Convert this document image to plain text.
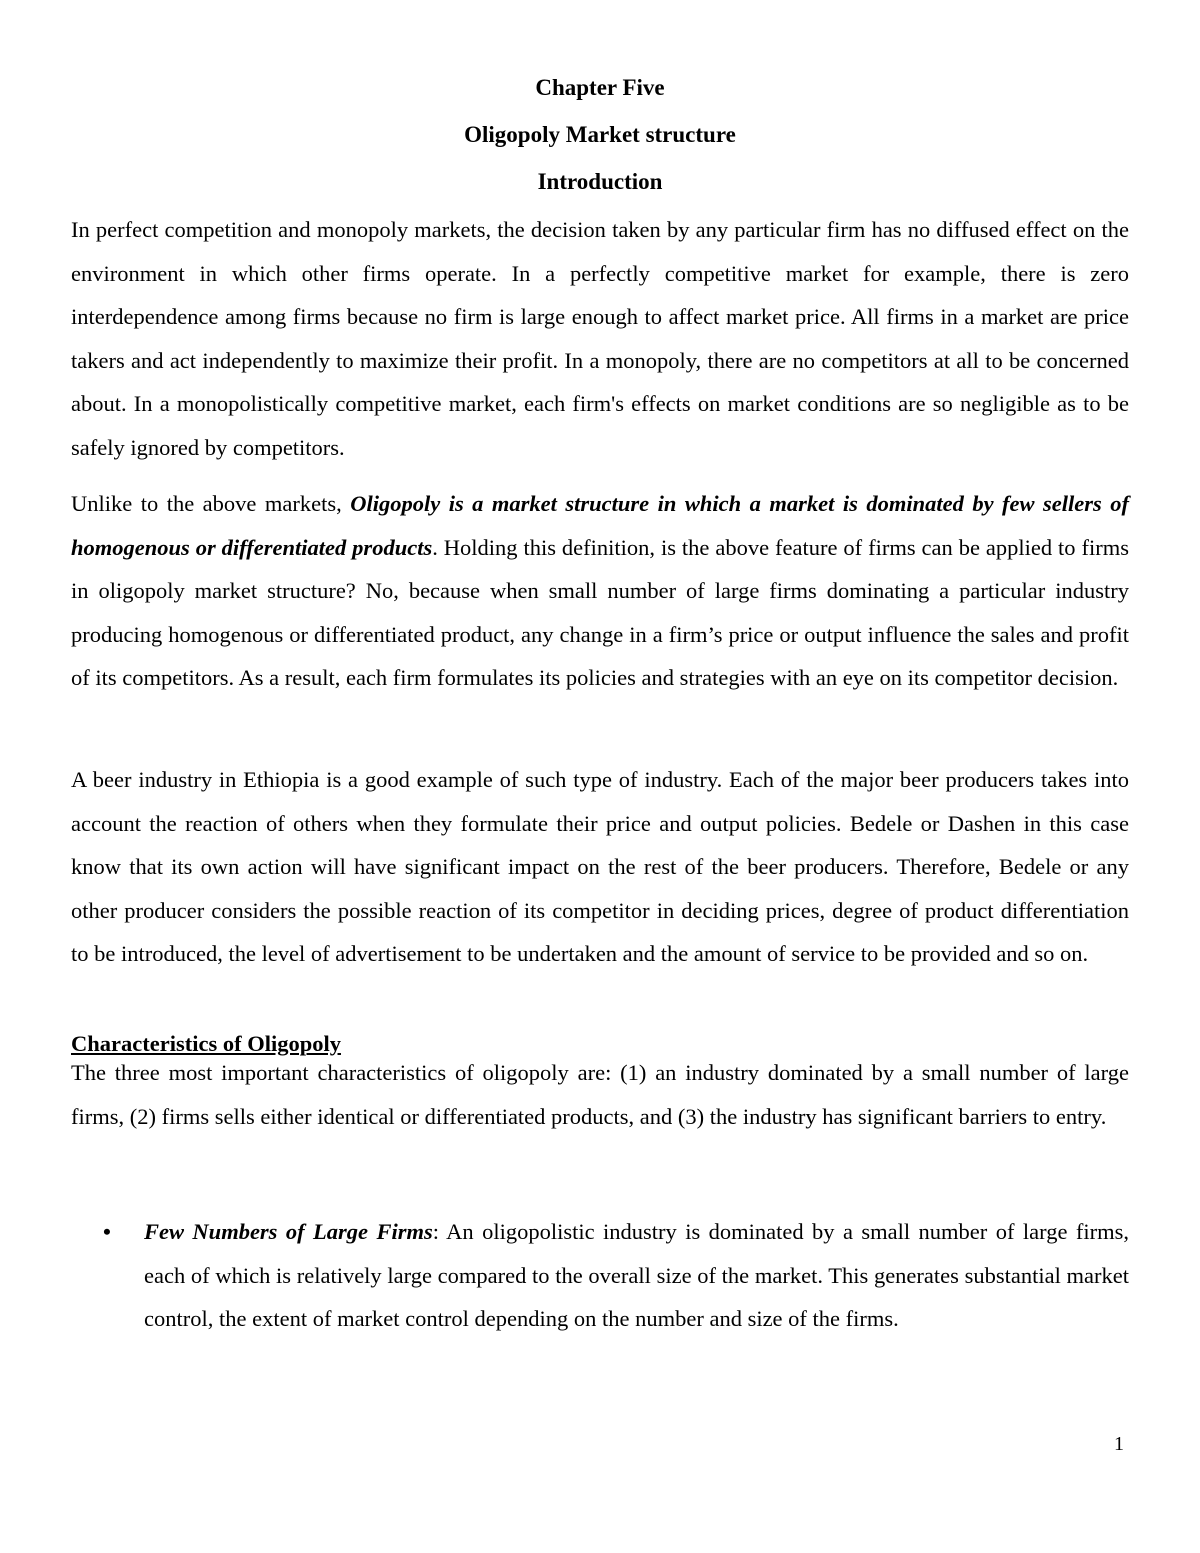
Chapter Five

Oligopoly Market structure

Introduction

In perfect competition and monopoly markets, the decision taken by any particular firm has no diffused effect on the environment in which other firms operate. In a perfectly competitive market for example, there is zero interdependence among firms because no firm is large enough to affect market price. All firms in a market are price takers and act independently to maximize their profit. In a monopoly, there are no competitors at all to be concerned about. In a monopolistically competitive market, each firm's effects on market conditions are so negligible as to be safely ignored by competitors.

Unlike to the above markets, Oligopoly is a market structure in which a market is dominated by few sellers of homogenous or differentiated products. Holding this definition, is the above feature of firms can be applied to firms in oligopoly market structure? No, because when small number of large firms dominating a particular industry producing homogenous or differentiated product, any change in a firm’s price or output influence the sales and profit of its competitors. As a result, each firm formulates its policies and strategies with an eye on its competitor decision.

A beer industry in Ethiopia is a good example of such type of industry. Each of the major beer producers takes into account the reaction of others when they formulate their price and output policies. Bedele or Dashen in this case know that its own action will have significant impact on the rest of the beer producers. Therefore, Bedele or any other producer considers the possible reaction of its competitor in deciding prices, degree of product differentiation to be introduced, the level of advertisement to be undertaken and the amount of service to be provided and so on.

Characteristics of Oligopoly

The three most important characteristics of oligopoly are: (1) an industry dominated by a small number of large firms, (2) firms sells either identical or differentiated products, and (3) the industry has significant barriers to entry.

• Few Numbers of Large Firms: An oligopolistic industry is dominated by a small number of large firms, each of which is relatively large compared to the overall size of the market. This generates substantial market control, the extent of market control depending on the number and size of the firms.

1
